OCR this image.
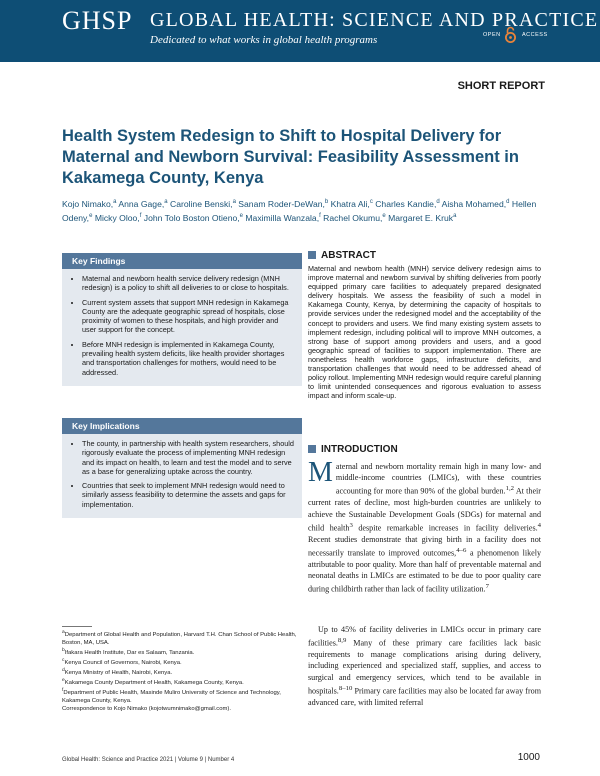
GHSP GLOBAL HEALTH: SCIENCE AND PRACTICE
Dedicated to what works in global health programs	OPEN	ACCESS
SHORT REPORT
Health System Redesign to Shift to Hospital Delivery for Maternal and Newborn Survival: Feasibility Assessment in Kakamega County, Kenya
Kojo Nimako,$^a$ Anna Gage,$^a$ Caroline Benski,$^a$ Sanam Roder-DeWan,$^b$ Khatra Ali,$^c$ Charles Kandie,$^d$ Aisha Mohamed,$^d$ Hellen Odeny,$^e$ Micky Oloo,$^f$ John Tolo Boston Otieno,$^e$ Maximilla Wanzala,$^f$ Rachel Okumu,$^e$ Margaret E. Kruk$^a$
Key Findings
• Maternal and newborn health service delivery redesign (MNH redesign) is a policy to shift all deliveries to or close to hospitals.
• Current system assets that support MNH redesign in Kakamega County are the adequate geographic spread of hospitals, close proximity of women to these hospitals, and high provider and user support for the concept.
• Before MNH redesign is implemented in Kakamega County, prevailing health system deficits, like health provider shortages and transportation challenges for mothers, would need to be addressed.
Key Implications
• The county, in partnership with health system researchers, should rigorously evaluate the process of implementing MNH redesign and its impact on health, to learn and test the model and to serve as a base for generalizing uptake across the country.
• Countries that seek to implement MNH redesign would need to similarly assess feasibility to determine the assets and gaps for implementation.
ABSTRACT

Maternal and newborn health (MNH) service delivery redesign aims to improve maternal and newborn survival by shifting deliveries from poorly equipped primary care facilities to adequately prepared designated delivery hospitals. We assess the feasibility of such a model in Kakamega County, Kenya, by determining the capacity of hospitals to provide services under the redesigned model and the acceptability of the concept to providers and users. We find many existing system assets to implement redesign, including political will to improve MNH outcomes, a strong base of support among providers and users, and a good geographic spread of facilities to support implementation. There are nonetheless health workforce gaps, infrastructure deficits, and transportation challenges that would need to be addressed ahead of policy rollout. Implementing MNH redesign would require careful planning to limit unintended consequences and rigorous evaluation to assess impact and inform scale-up.

INTRODUCTION

Maternal and newborn mortality remain high in many low- and middle-income countries (LMICs), with these countries accounting for more than 90% of the global burden.$^{1,2}$ At their current rates of decline, most high-burden countries are unlikely to achieve the Sustainable Development Goals (SDGs) for maternal and child health$^3$ despite remarkable increases in facility deliveries.$^4$ Recent studies demonstrate that giving birth in a facility does not necessarily translate to improved outcomes,$^{4-6}$ a phenomenon likely attributable to poor quality. More than half of preventable maternal and neonatal deaths in LMICs are estimated to be due to poor quality care during childbirth rather than lack of facility utilization.$^7$

Up to 45% of facility deliveries in LMICs occur in primary care facilities.$^{8,9}$ Many of these primary care facilities lack basic requirements to manage complications arising during delivery, including experienced and specialized staff, supplies, and access to surgical and emergency services, which tend to be available in hospitals.$^{8-10}$ Primary care facilities may also be located far away from advanced care, with limited referral

$^a$Department of Global Health and Population, Harvard T.H. Chan School of Public Health, Boston, MA, USA.
$^b$Ifakara Health Institute, Dar es Salaam, Tanzania.
$^c$Kenya Council of Governors, Nairobi, Kenya.
$^d$Kenya Ministry of Health, Nairobi, Kenya.
$^e$Kakamega County Department of Health, Kakamega County, Kenya.
$^f$Department of Public Health, Masinde Muliro University of Science and Technology, Kakamega County, Kenya.
Correspondence to Kojo Nimako (kojotwumnimako@gmail.com).
Global Health: Science and Practice 2021 | Volume 9 | Number 4	1000
